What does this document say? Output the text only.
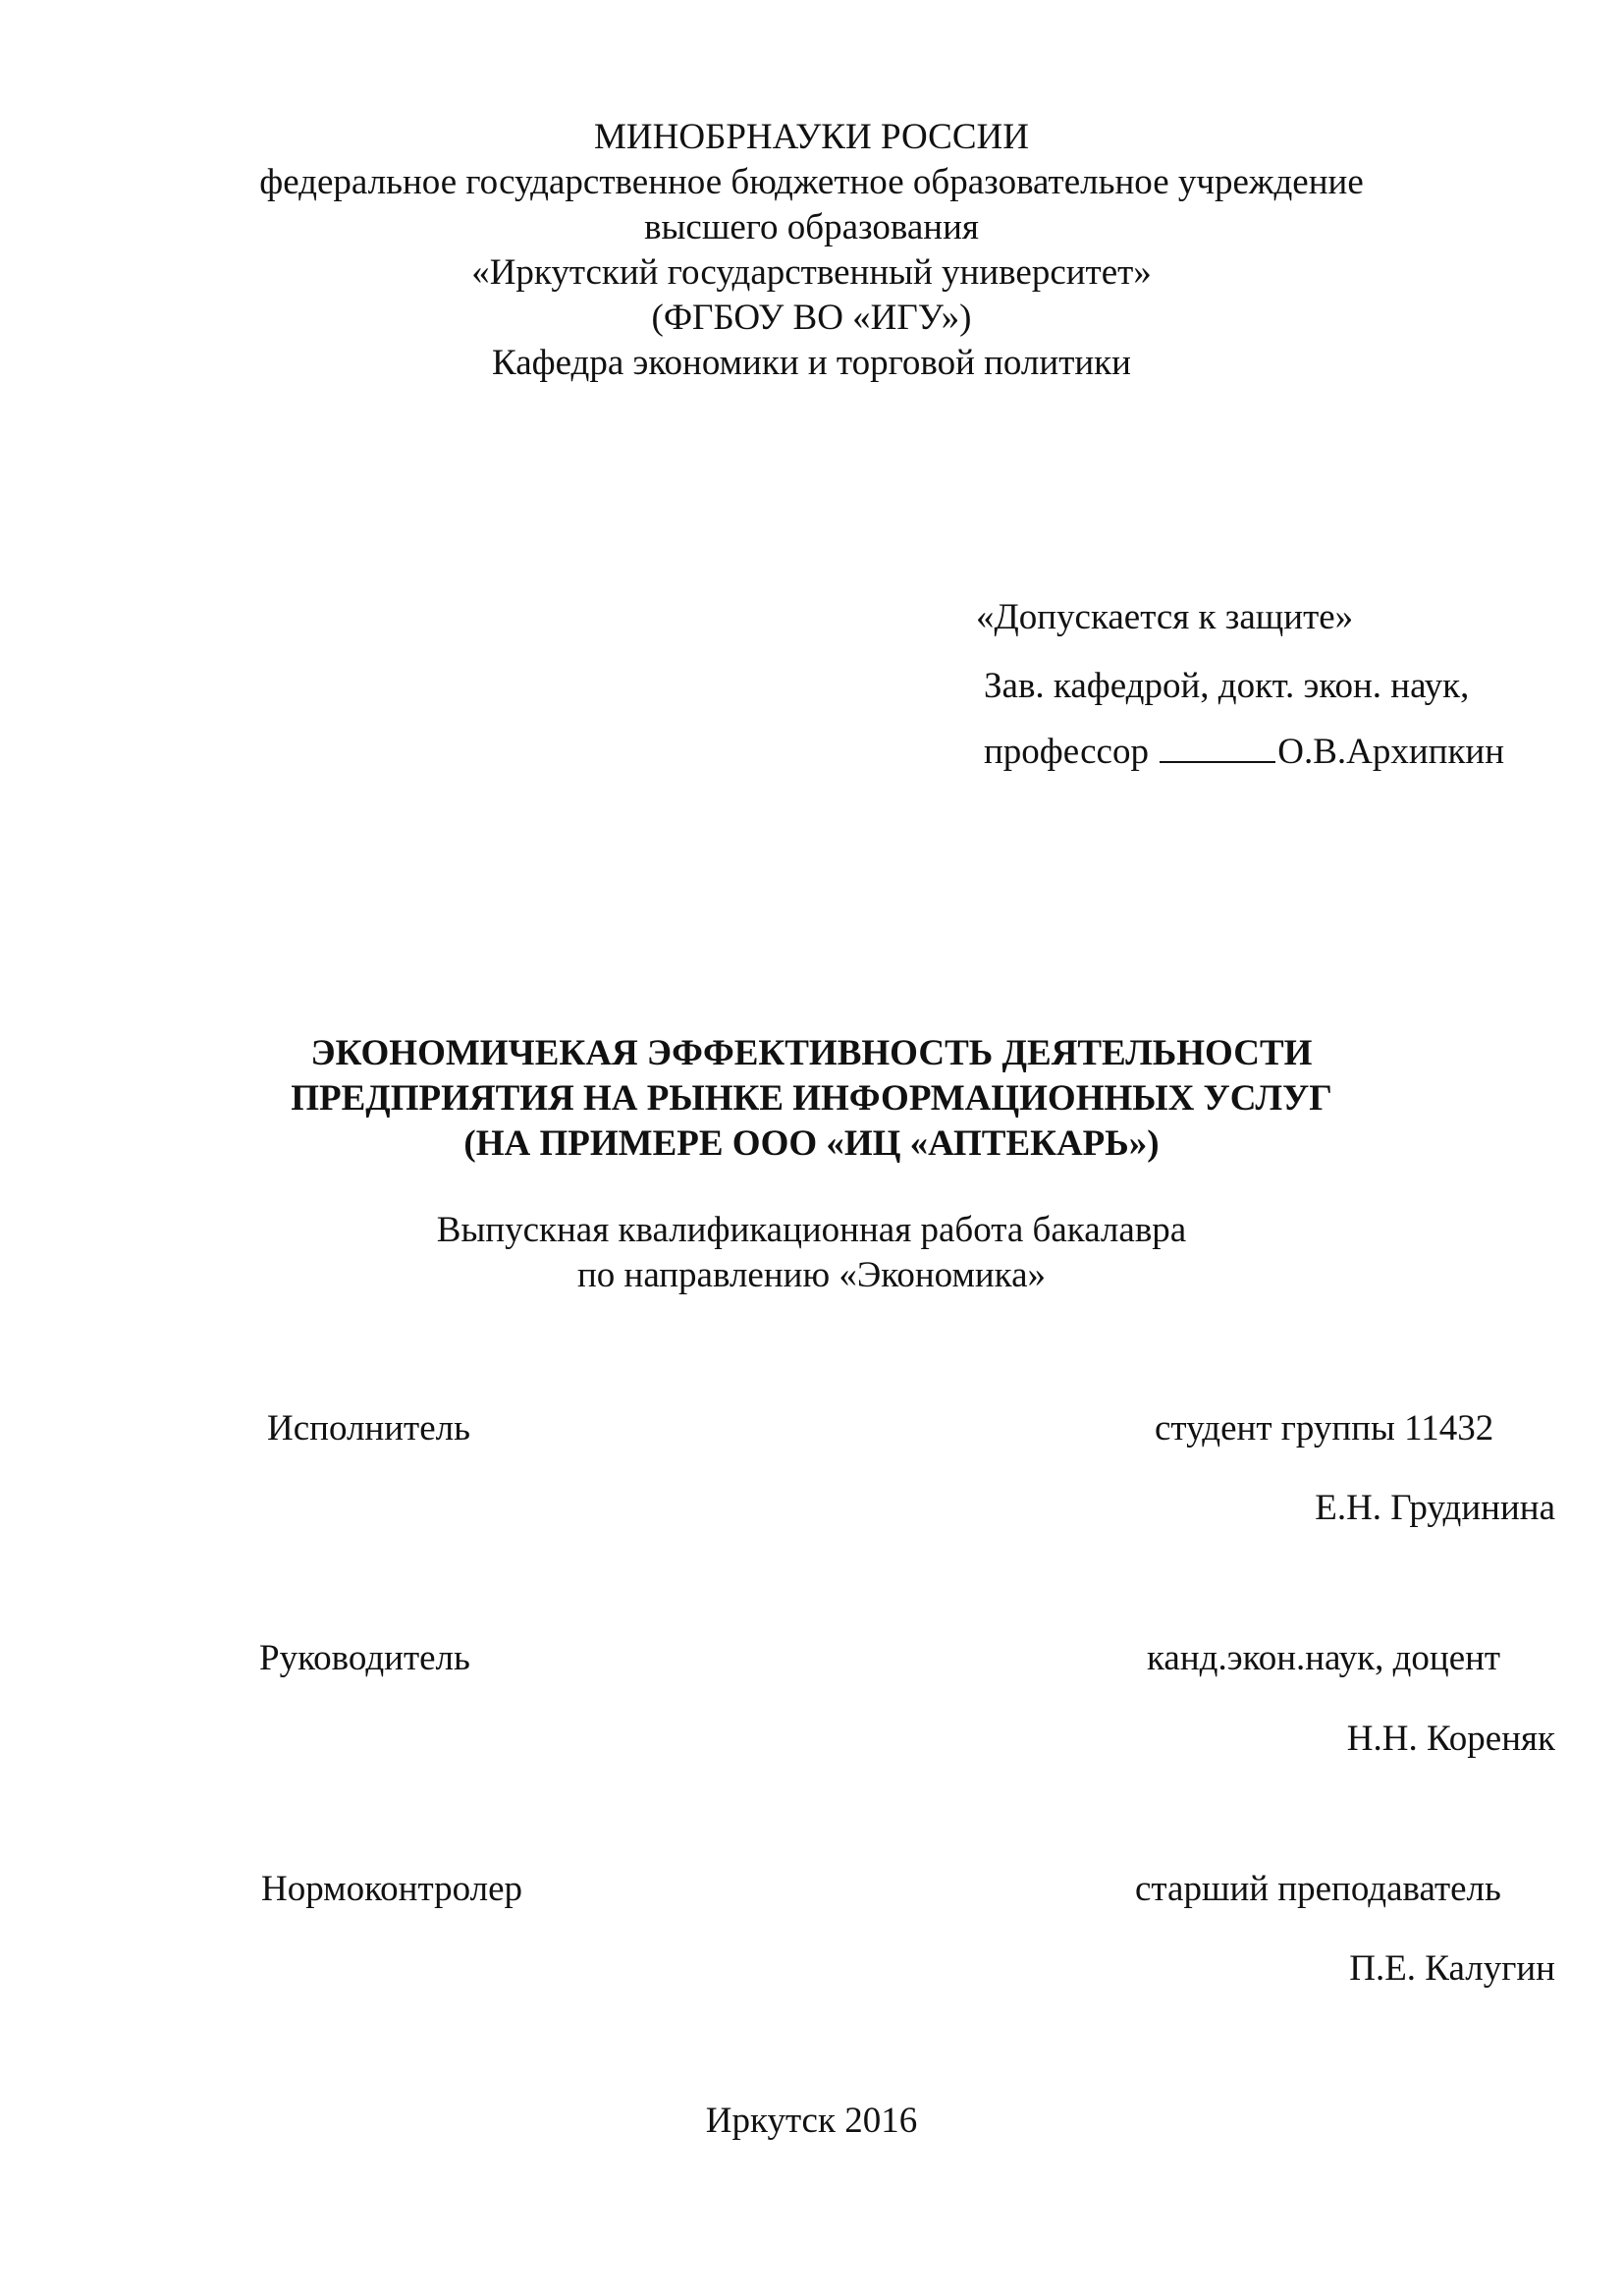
МИНОБРНАУКИ РОССИИ
федеральное государственное бюджетное образовательное учреждение
высшего образования
«Иркутский государственный университет»
(ФГБОУ ВО «ИГУ»)
Кафедра экономики и торговой политики
«Допускается к защите»
Зав. кафедрой, докт. экон. наук,
профессор	О.В.Архипкин
ЭКОНОМИЧЕКАЯ ЭФФЕКТИВНОСТЬ ДЕЯТЕЛЬНОСТИ
ПРЕДПРИЯТИЯ НА РЫНКЕ ИНФОРМАЦИОННЫХ УСЛУГ
(НА ПРИМЕРЕ ООО «ИЦ «АПТЕКАРЬ»)
Выпускная квалификационная работа бакалавра
по направлению «Экономика»
Исполнитель	студент группы 11432
Е.Н. Грудинина
Руководитель	канд.экон.наук, доцент
Н.Н. Кореняк
Нормоконтролер	старший преподаватель
П.Е. Калугин
Иркутск 2016
